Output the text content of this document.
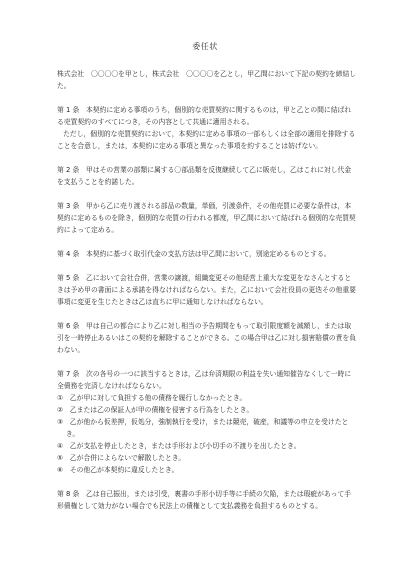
委任状

株式会社　〇〇〇〇を甲とし，株式会社　〇〇〇〇を乙とし，甲乙間において下記の契約を締結した。

第 1 条　本契約に定める事項のうち，個別的な売買契約に関するものは，甲と乙との間に結ばれる売買契約のすべてにつき，その内容として共通に適用される。

ただし，個別的な売買契約において，本契約に定める事項の一部もしくは全部の適用を排除することを合意し，または，本契約に定める事項と異なった事項を約することは妨げない。

第 2 条　甲はその営業の部類に属する〇部品類を反復継続して乙に販売し，乙はこれに対し代金を支払うことを約諾した。

第 3 条　甲から乙に売り渡される部品の数量，単価，引渡条件，その他売買に必要な条件は，本契約に定めるものを除き，個別的な売買の行われる都度，甲乙間において結ばれる個別的な売買契約によって定める。

第 4 条　本契約に基づく取引代金の支払方法は甲乙間において，別途定めるものとする。

第 5 条　乙において会社合併，営業の譲渡，組織変更その他経営上重大な変更をなさんとするときは予め甲の書面による承諾を得なければならない。また，乙において会社役員の更迭その他重要事項に変更を生じたときは乙は直ちに甲に通知しなければならない。

第 6 条　甲は自己の都合により乙に対し相当の予告期間をもって取引限度額を減額し，または取引を一時停止あるいはこの契約を解除することができる。この場合甲は乙に対し損害賠償の責を負わない。

第 7 条　次の各号の一つに該当するときは，乙は弁済期限の利益を失い通知催告なくして一時に全債務を完済しなければならない。

①　乙が甲に対して負担する他の債務を履行しなかったとき。
②　乙または乙の保証人が甲の債権を侵害する行為をしたとき。
③　乙が他から仮差押，仮処分，強制執行を受け，または競売，破産，和議等の申立を受けたとき。
④　乙が支払を停止したとき，または手形および小切手の不渡りを出したとき。
⑤　乙が合併によらないで解散したとき。
⑥　その他乙が本契約に違反したとき。

第 8 条　乙は自己振出，または引受，裏書の手形小切手等に手続の欠陥，または瑕疵があって手形債権として効力がない場合でも民法上の債権として支払義務を負担するものとする。
